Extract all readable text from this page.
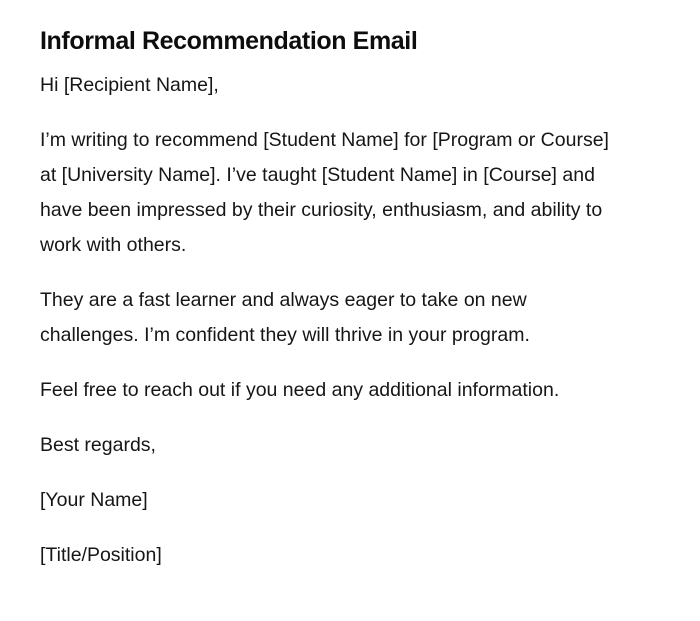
Informal Recommendation Email

Hi [Recipient Name],

I’m writing to recommend [Student Name] for [Program or Course] at [University Name]. I’ve taught [Student Name] in [Course] and have been impressed by their curiosity, enthusiasm, and ability to work with others.

They are a fast learner and always eager to take on new challenges. I’m confident they will thrive in your program.

Feel free to reach out if you need any additional information.

Best regards,

[Your Name]

[Title/Position]
